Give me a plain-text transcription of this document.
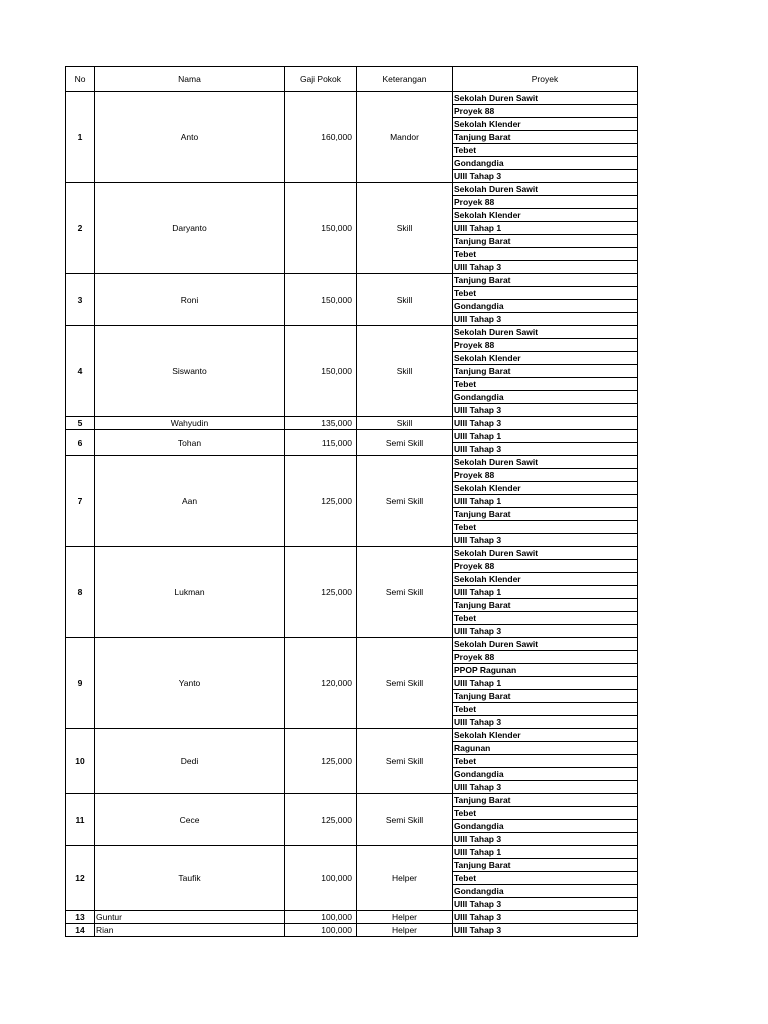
No	Nama	Gaji Pokok	Keterangan	Proyek
1	Anto	160,000	Mandor	Sekolah Duren Sawit
				Proyek 88
				Sekolah Klender
				Tanjung Barat
				Tebet
				Gondangdia
				UIII Tahap 3
2	Daryanto	150,000	Skill	Sekolah Duren Sawit
				Proyek 88
				Sekolah Klender
				UIII Tahap 1
				Tanjung Barat
				Tebet
				UIII Tahap 3
3	Roni	150,000	Skill	Tanjung Barat
				Tebet
				Gondangdia
				UIII Tahap 3
4	Siswanto	150,000	Skill	Sekolah Duren Sawit
				Proyek 88
				Sekolah Klender
				Tanjung Barat
				Tebet
				Gondangdia
				UIII Tahap 3
5	Wahyudin	135,000	Skill	UIII Tahap 3
6	Tohan	115,000	Semi Skill	UIII Tahap 1
				UIII Tahap 3
7	Aan	125,000	Semi Skill	Sekolah Duren Sawit
				Proyek 88
				Sekolah Klender
				UIII Tahap 1
				Tanjung Barat
				Tebet
				UIII Tahap 3
8	Lukman	125,000	Semi Skill	Sekolah Duren Sawit
				Proyek 88
				Sekolah Klender
				UIII Tahap 1
				Tanjung Barat
				Tebet
				UIII Tahap 3
9	Yanto	120,000	Semi Skill	Sekolah Duren Sawit
				Proyek 88
				PPOP Ragunan
				UIII Tahap 1
				Tanjung Barat
				Tebet
				UIII Tahap 3
10	Dedi	125,000	Semi Skill	Sekolah Klender
				Ragunan
				Tebet
				Gondangdia
				UIII Tahap 3
11	Cece	125,000	Semi Skill	Tanjung Barat
				Tebet
				Gondangdia
				UIII Tahap 3
12	Taufik	100,000	Helper	UIII Tahap 1
				Tanjung Barat
				Tebet
				Gondangdia
				UIII Tahap 3
13	Guntur	100,000	Helper	UIII Tahap 3
14	Rian	100,000	Helper	UIII Tahap 3
